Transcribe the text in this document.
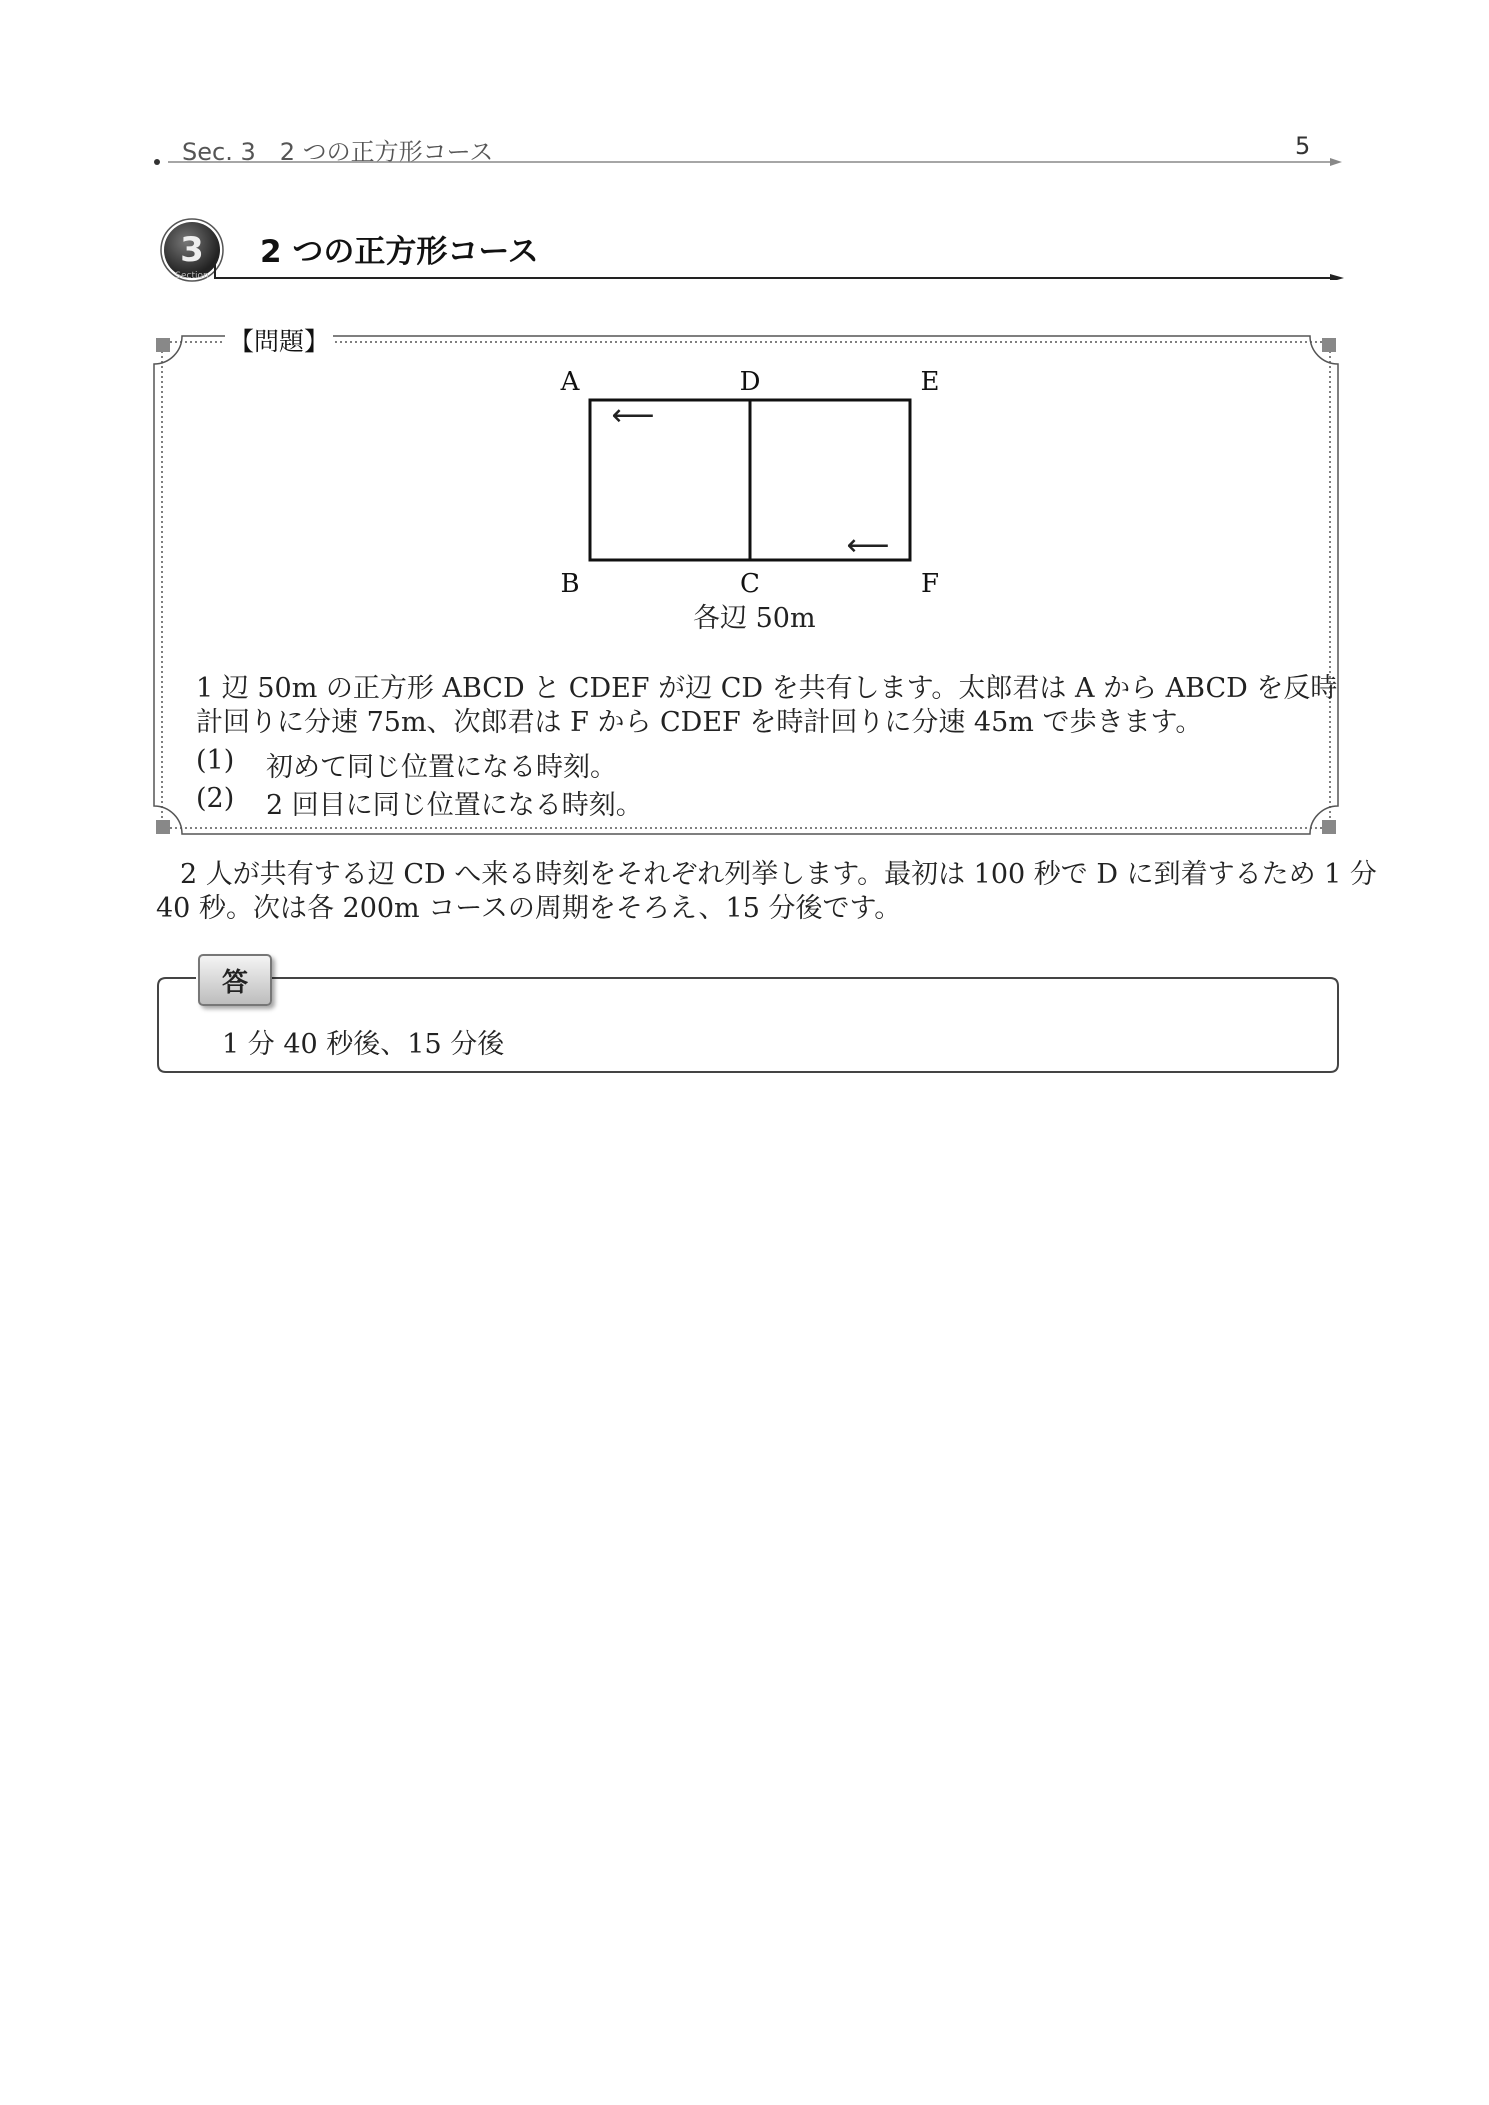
Sec. 3　2 つの正方形コース	5
3
Section
2 つの正方形コース
【問題】
A	D	E
B	C	F
⟵
⟵
各辺 50m
1 辺 50m の正方形 ABCD と CDEF が辺 CD を共有します。太郎君は A から ABCD を反時
計回りに分速 75m、次郎君は F から CDEF を時計回りに分速 45m で歩きます。
(1) 初めて同じ位置になる時刻。
(2) 2 回目に同じ位置になる時刻。
2 人が共有する辺 CD へ来る時刻をそれぞれ列挙します。最初は 100 秒で D に到着するため 1 分
40 秒。次は各 200m コースの周期をそろえ、15 分後です。
答
1 分 40 秒後、15 分後
